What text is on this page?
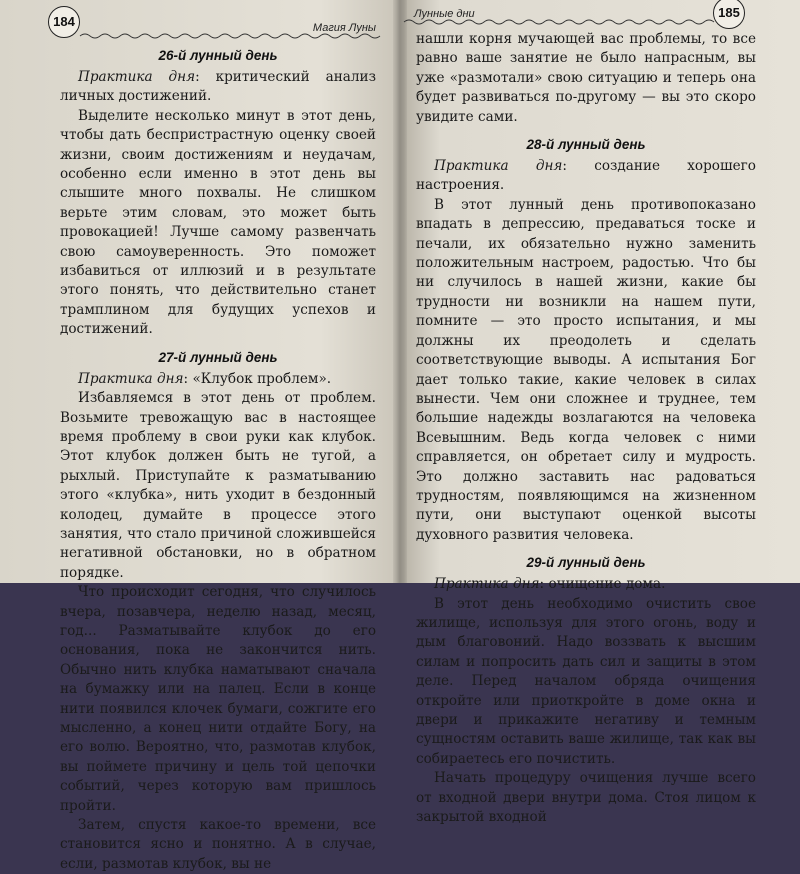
184	Магия Луны
26-й лунный день

Практика дня: критический анализ личных достижений.

Выделите несколько минут в этот день, чтобы дать беспристрастную оценку своей жизни, своим достижениям и неудачам, особенно если именно в этот день вы слышите много похвалы. Не слишком верьте этим словам, это может быть провокацией! Лучше самому развенчать свою самоуверенность. Это поможет избавиться от иллюзий и в результате этого понять, что действительно станет трамплином для будущих успехов и достижений.

27-й лунный день

Практика дня: «Клубок проблем».

Избавляемся в этот день от проблем. Возьмите тревожащую вас в настоящее время проблему в свои руки как клубок. Этот клубок должен быть не тугой, а рыхлый. Приступайте к разматыванию этого «клубка», нить уходит в бездонный колодец, думайте в процессе этого занятия, что стало причиной сложившейся негативной обстановки, но в обратном порядке.

Что происходит сегодня, что случилось вчера, позавчера, неделю назад, месяц, год... Разматывайте клубок до его основания, пока не закончится нить. Обычно нить клубка наматывают сначала на бумажку или на палец. Если в конце нити появился клочек бумаги, сожгите его мысленно, а конец нити отдайте Богу, на его волю. Вероятно, что, размотав клубок, вы поймете причину и цель той цепочки событий, через которую вам пришлось пройти.

Затем, спустя какое-то времени, все становится ясно и понятно. А в случае, если, размотав клубок, вы не

Лунные дни	185

нашли корня мучающей вас проблемы, то все равно ваше занятие не было напрасным, вы уже «размотали» свою ситуацию и теперь она будет развиваться по-другому — вы это скоро увидите сами.

28-й лунный день

Практика дня: создание хорошего настроения.

В этот лунный день противопоказано впадать в депрессию, предаваться тоске и печали, их обязательно нужно заменить положительным настроем, радостью. Что бы ни случилось в нашей жизни, какие бы трудности ни возникли на нашем пути, помните — это просто испытания, и мы должны их преодолеть и сделать соответствующие выводы. А испытания Бог дает только такие, какие человек в силах вынести. Чем они сложнее и труднее, тем большие надежды возлагаются на человека Всевышним. Ведь когда человек с ними справляется, он обретает силу и мудрость. Это должно заставить нас радоваться трудностям, появляющимся на жизненном пути, они выступают оценкой высоты духовного развития человека.

29-й лунный день

Практика дня: очищение дома.

В этот день необходимо очистить свое жилище, используя для этого огонь, воду и дым благовоний. Надо воззвать к высшим силам и попросить дать сил и защиты в этом деле. Перед началом обряда очищения откройте или приоткройте в доме окна и двери и прикажите негативу и темным сущностям оставить ваше жилище, так как вы собираетесь его почистить.

Начать процедуру очищения лучше всего от входной двери внутри дома. Стоя лицом к закрытой входной
